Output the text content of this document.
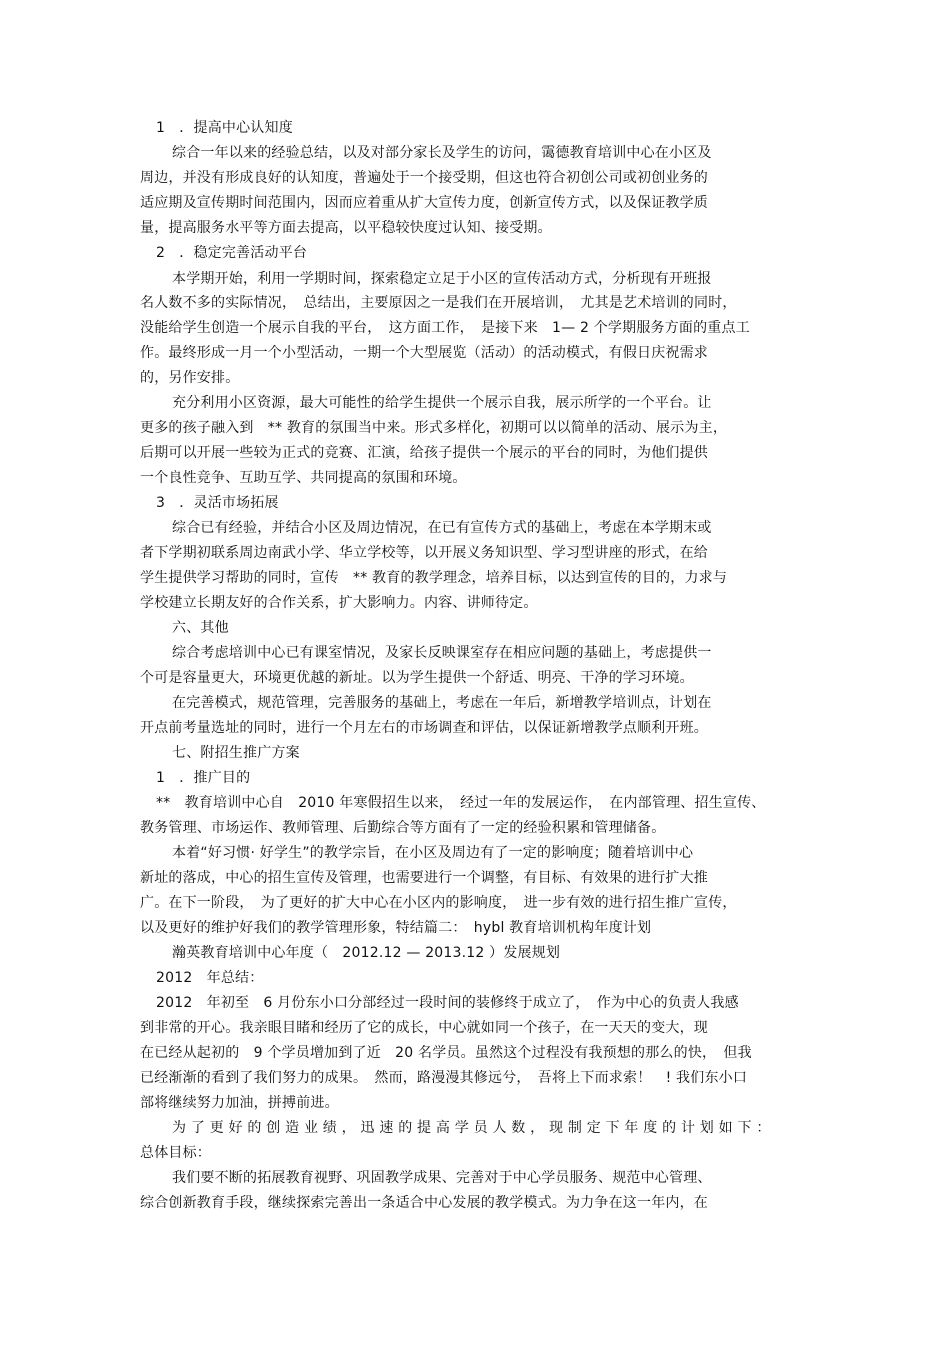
1　．提高中心认知度
综合一年以来的经验总结，以及对部分家长及学生的访问，霭德教育培训中心在小区及
周边，并没有形成良好的认知度，普遍处于一个接受期，但这也符合初创公司或初创业务的
适应期及宣传期时间范围内，因而应着重从扩大宣传力度，创新宣传方式，以及保证教学质
量，提高服务水平等方面去提高，以平稳较快度过认知、接受期。
2　．稳定完善活动平台
本学期开始，利用一学期时间，探索稳定立足于小区的宣传活动方式，分析现有开班报
名人数不多的实际情况，　总结出，主要原因之一是我们在开展培训，　尤其是艺术培训的同时，
没能给学生创造一个展示自我的平台，　这方面工作，　是接下来　1— 2 个学期服务方面的重点工
作。最终形成一月一个小型活动，一期一个大型展览（活动）的活动模式，有假日庆祝需求
的，另作安排。
充分利用小区资源，最大可能性的给学生提供一个展示自我，展示所学的一个平台。让
更多的孩子融入到　** 教育的氛围当中来。形式多样化，初期可以以简单的活动、展示为主，
后期可以开展一些较为正式的竞赛、汇演，给孩子提供一个展示的平台的同时，为他们提供
一个良性竞争、互助互学、共同提高的氛围和环境。
3　．灵活市场拓展
综合已有经验，并结合小区及周边情况，在已有宣传方式的基础上，考虑在本学期末或
者下学期初联系周边南武小学、华立学校等，以开展义务知识型、学习型讲座的形式，在给
学生提供学习帮助的同时，宣传　** 教育的教学理念，培养目标，以达到宣传的目的，力求与
学校建立长期友好的合作关系，扩大影响力。内容、讲师待定。
六、其他
综合考虑培训中心已有课室情况，及家长反映课室存在相应问题的基础上，考虑提供一
个可是容量更大，环境更优越的新址。以为学生提供一个舒适、明亮、干净的学习环境。
在完善模式，规范管理，完善服务的基础上，考虑在一年后，新增教学培训点，计划在
开点前考量选址的同时，进行一个月左右的市场调查和评估，以保证新增教学点顺利开班。
七、附招生推广方案
1　．推广目的
**　教育培训中心自　2010 年寒假招生以来，　经过一年的发展运作，　在内部管理、招生宣传、
教务管理、市场运作、教师管理、后勤综合等方面有了一定的经验积累和管理储备。
本着“好习惯· 好学生”的教学宗旨，在小区及周边有了一定的影响度；随着培训中心
新址的落成，中心的招生宣传及管理，也需要进行一个调整，有目标、有效果的进行扩大推
广。在下一阶段，　为了更好的扩大中心在小区内的影响度，　进一步有效的进行招生推广宣传，
以及更好的维护好我们的教学管理形象，特结篇二：　hybl 教育培训机构年度计划
瀚英教育培训中心年度（　2012.12 — 2013.12 ）发展规划
2012　年总结：
2012　年初至　6 月份东小口分部经过一段时间的装修终于成立了，　作为中心的负责人我感
到非常的开心。我亲眼目睹和经历了它的成长，中心就如同一个孩子，在一天天的变大，现
在已经从起初的　9 个学员增加到了近　20 名学员。虽然这个过程没有我预想的那么的快，　但我
已经渐渐的看到了我们努力的成果。　然而，路漫漫其修远兮，　吾将上下而求索！　! 我们东小口
部将继续努力加油，拼搏前进。
为 了 更 好 的 创 造 业 绩 ， 迅 速 的 提 高 学 员 人 数 ， 现 制 定 下 年 度 的 计 划 如 下 ：
总体目标：
我们要不断的拓展教育视野、巩固教学成果、完善对于中心学员服务、规范中心管理、
综合创新教育手段，继续探索完善出一条适合中心发展的教学模式。为力争在这一年内，在
